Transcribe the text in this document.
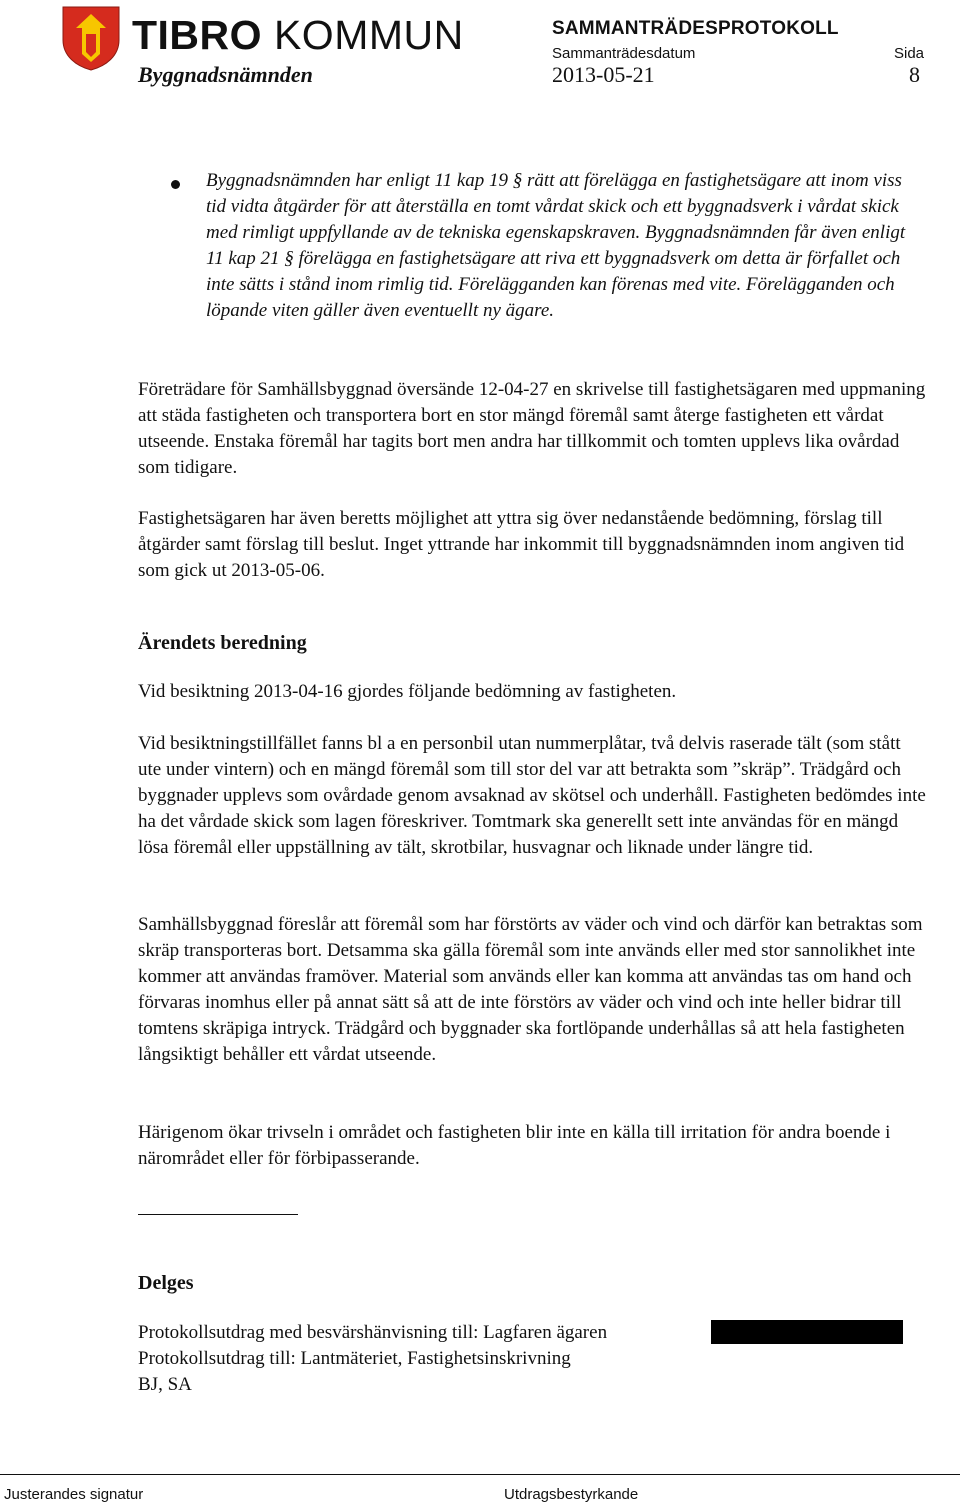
TIBRO KOMMUN
Byggnadsnämnden
SAMMANTRÄDESPROTOKOLL
Sammanträdesdatum
2013-05-21
Sida
8
Byggnadsnämnden har enligt 11 kap 19 § rätt att förelägga en fastighetsägare att inom viss tid vidta åtgärder för att återställa en tomt vårdat skick och ett byggnadsverk i vårdat skick med rimligt uppfyllande av de tekniska egenskapskraven. Byggnadsnämnden får även enligt 11 kap 21 § förelägga en fastighetsägare att riva ett byggnadsverk om detta är förfallet och inte sätts i stånd inom rimlig tid. Förelägganden kan förenas med vite. Förelägganden och löpande viten gäller även eventuellt ny ägare.
Företrädare för Samhällsbyggnad översände 12-04-27 en skrivelse till fastighetsägaren med uppmaning att städa fastigheten och transportera bort en stor mängd föremål samt återge fastigheten ett vårdat utseende. Enstaka föremål har tagits bort men andra har tillkommit och tomten upplevs lika ovårdad som tidigare.
Fastighetsägaren har även beretts möjlighet att yttra sig över nedanstående bedömning, förslag till åtgärder samt förslag till beslut. Inget yttrande har inkommit till byggnadsnämnden inom angiven tid som gick ut 2013-05-06.
Ärendets beredning
Vid besiktning 2013-04-16 gjordes följande bedömning av fastigheten.
Vid besiktningstillfället fanns bl a en personbil utan nummerplåtar, två delvis raserade tält (som stått ute under vintern) och en mängd föremål som till stor del var att betrakta som ”skräp”. Trädgård och byggnader upplevs som ovårdade genom avsaknad av skötsel och underhåll. Fastigheten bedömdes inte ha det vårdade skick som lagen föreskriver. Tomtmark ska generellt sett inte användas för en mängd lösa föremål eller uppställning av tält, skrotbilar, husvagnar och liknade under längre tid.
Samhällsbyggnad föreslår att föremål som har förstörts av väder och vind och därför kan betraktas som skräp transporteras bort. Detsamma ska gälla föremål som inte används eller med stor sannolikhet inte kommer att användas framöver. Material som används eller kan komma att användas tas om hand och förvaras inomhus eller på annat sätt så att de inte förstörs av väder och vind och inte heller bidrar till tomtens skräpiga intryck. Trädgård och byggnader ska fortlöpande underhållas så att hela fastigheten långsiktigt behåller ett vårdat utseende.
Härigenom ökar trivseln i området och fastigheten blir inte en källa till irritation för andra boende i närområdet eller för förbipasserande.
Delges
Protokollsutdrag med besvärshänvisning till: Lagfaren ägaren
Protokollsutdrag till: Lantmäteriet, Fastighetsinskrivning
BJ, SA
Justerandes signatur	Utdragsbestyrkande
